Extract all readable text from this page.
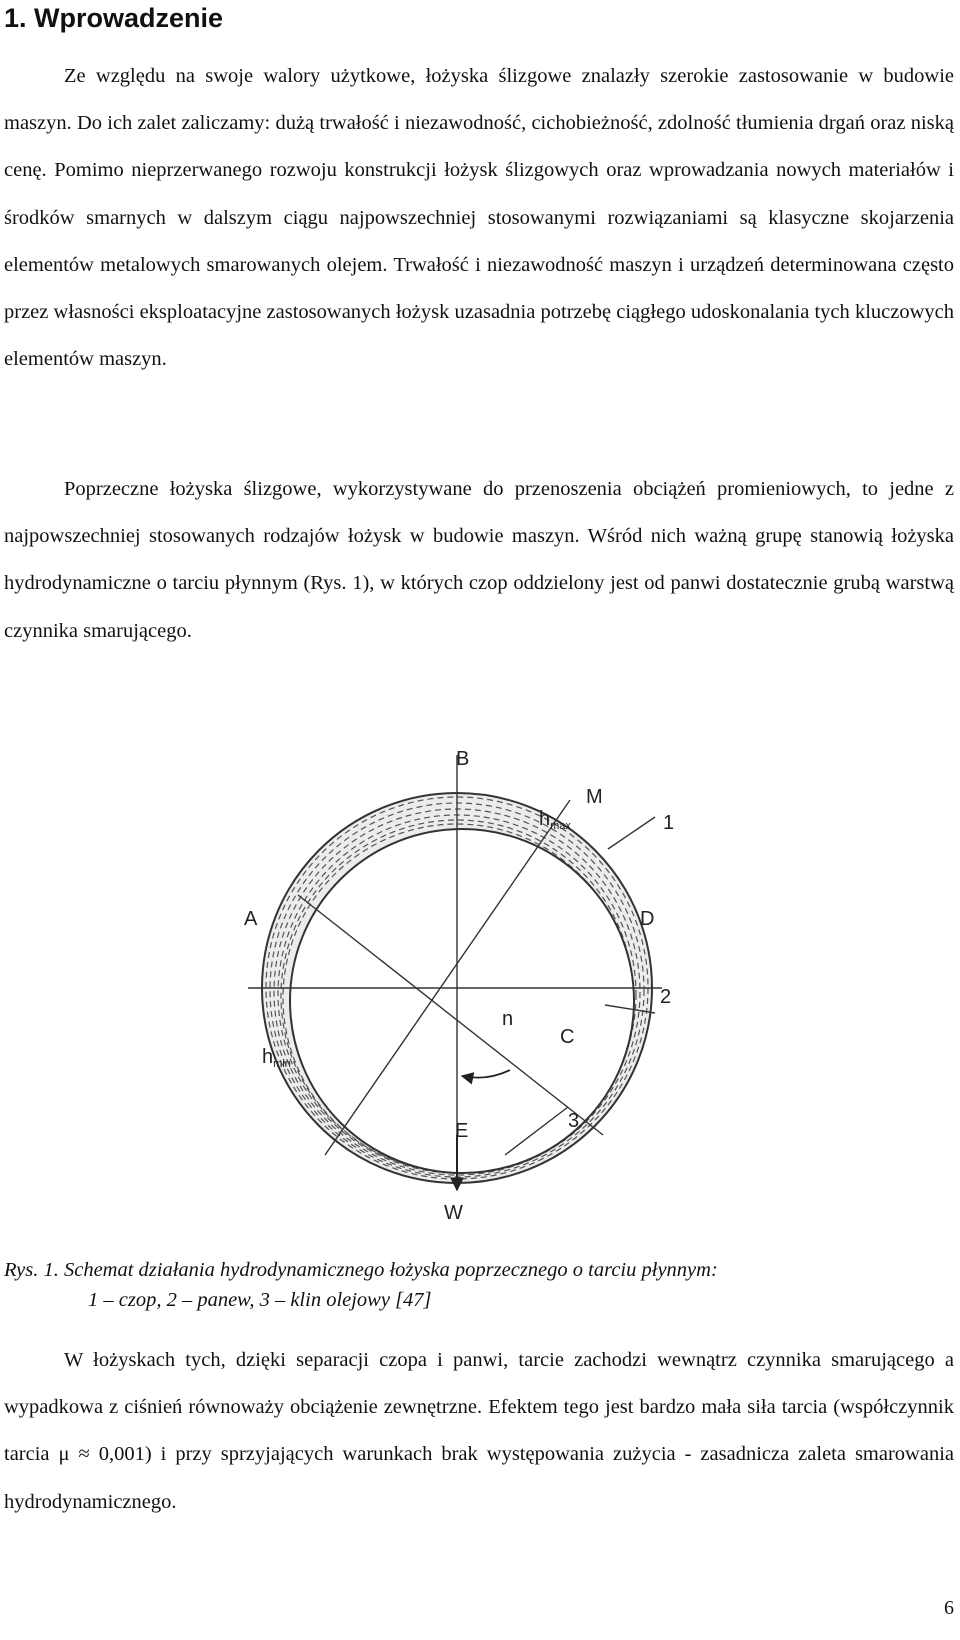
1. Wprowadzenie

Ze względu na swoje walory użytkowe, łożyska ślizgowe znalazły szerokie zastosowanie w budowie maszyn. Do ich zalet zaliczamy: dużą trwałość i niezawodność, cichobieżność, zdolność tłumienia drgań oraz niską cenę. Pomimo nieprzerwanego rozwoju konstrukcji łożysk ślizgowych oraz wprowadzania nowych materiałów i środków smarnych w dalszym ciągu najpowszechniej stosowanymi rozwiązaniami są klasyczne skojarzenia elementów metalowych smarowanych olejem. Trwałość i niezawodność maszyn i urządzeń determinowana często przez własności eksploatacyjne zastosowanych łożysk uzasadnia potrzebę ciągłego udoskonalania tych kluczowych elementów maszyn.

Poprzeczne łożyska ślizgowe, wykorzystywane do przenoszenia obciążeń promieniowych, to jedne z najpowszechniej stosowanych rodzajów łożysk w budowie maszyn. Wśród nich ważną grupę stanowią łożyska hydrodynamiczne o tarciu płynnym (Rys. 1), w których czop oddzielony jest od panwi dostatecznie grubą warstwą czynnika smarującego.

B
M
$h_{max}$	1
A	D
2
n
C
$h_{min}$
3
E
W
Rys. 1. Schemat działania hydrodynamicznego łożyska poprzecznego o tarciu płynnym:
1 – czop, 2 – panew, 3 – klin olejowy [47]

W łożyskach tych, dzięki separacji czopa i panwi, tarcie zachodzi wewnątrz czynnika smarującego a wypadkowa z ciśnień równoważy obciążenie zewnętrzne. Efektem tego jest bardzo mała siła tarcia (współczynnik tarcia μ ≈ 0,001) i przy sprzyjających warunkach brak występowania zużycia - zasadnicza zaleta smarowania hydrodynamicznego.

6
